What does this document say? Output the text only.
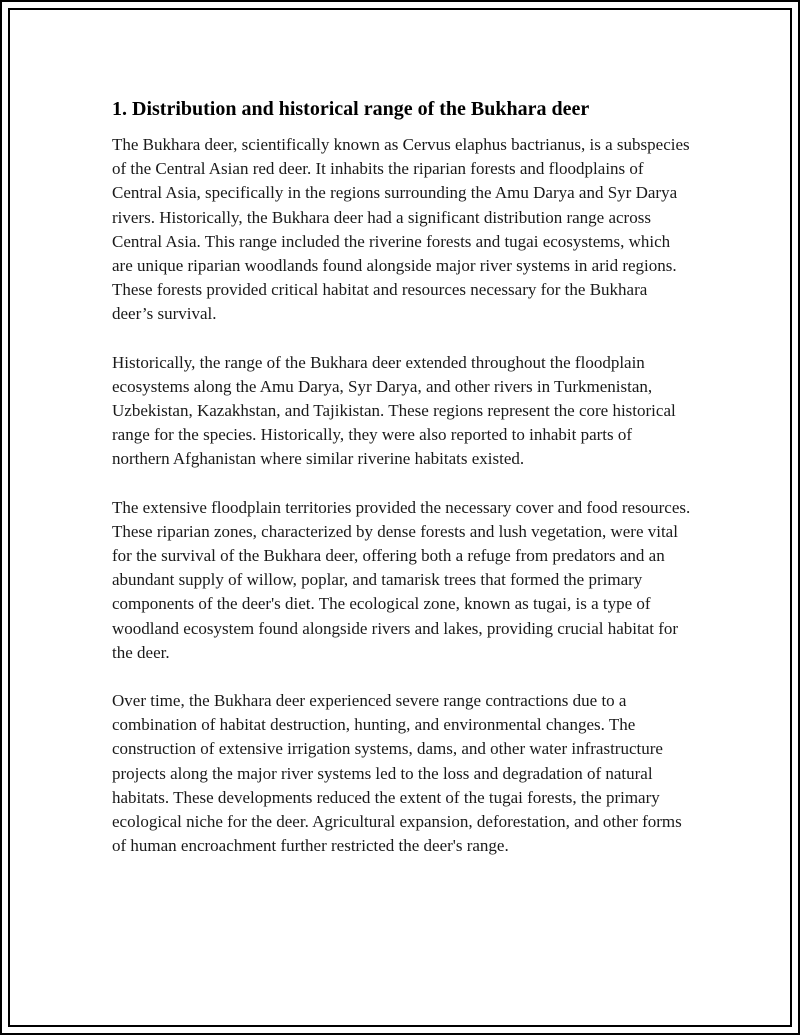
1. Distribution and historical range of the Bukhara deer

The Bukhara deer, scientifically known as Cervus elaphus bactrianus, is a subspecies of the Central Asian red deer. It inhabits the riparian forests and floodplains of Central Asia, specifically in the regions surrounding the Amu Darya and Syr Darya rivers. Historically, the Bukhara deer had a significant distribution range across Central Asia. This range included the riverine forests and tugai ecosystems, which are unique riparian woodlands found alongside major river systems in arid regions. These forests provided critical habitat and resources necessary for the Bukhara deer’s survival.

Historically, the range of the Bukhara deer extended throughout the floodplain ecosystems along the Amu Darya, Syr Darya, and other rivers in Turkmenistan, Uzbekistan, Kazakhstan, and Tajikistan. These regions represent the core historical range for the species. Historically, they were also reported to inhabit parts of northern Afghanistan where similar riverine habitats existed.

The extensive floodplain territories provided the necessary cover and food resources. These riparian zones, characterized by dense forests and lush vegetation, were vital for the survival of the Bukhara deer, offering both a refuge from predators and an abundant supply of willow, poplar, and tamarisk trees that formed the primary components of the deer's diet. The ecological zone, known as tugai, is a type of woodland ecosystem found alongside rivers and lakes, providing crucial habitat for the deer.

Over time, the Bukhara deer experienced severe range contractions due to a combination of habitat destruction, hunting, and environmental changes. The construction of extensive irrigation systems, dams, and other water infrastructure projects along the major river systems led to the loss and degradation of natural habitats. These developments reduced the extent of the tugai forests, the primary ecological niche for the deer. Agricultural expansion, deforestation, and other forms of human encroachment further restricted the deer's range.
